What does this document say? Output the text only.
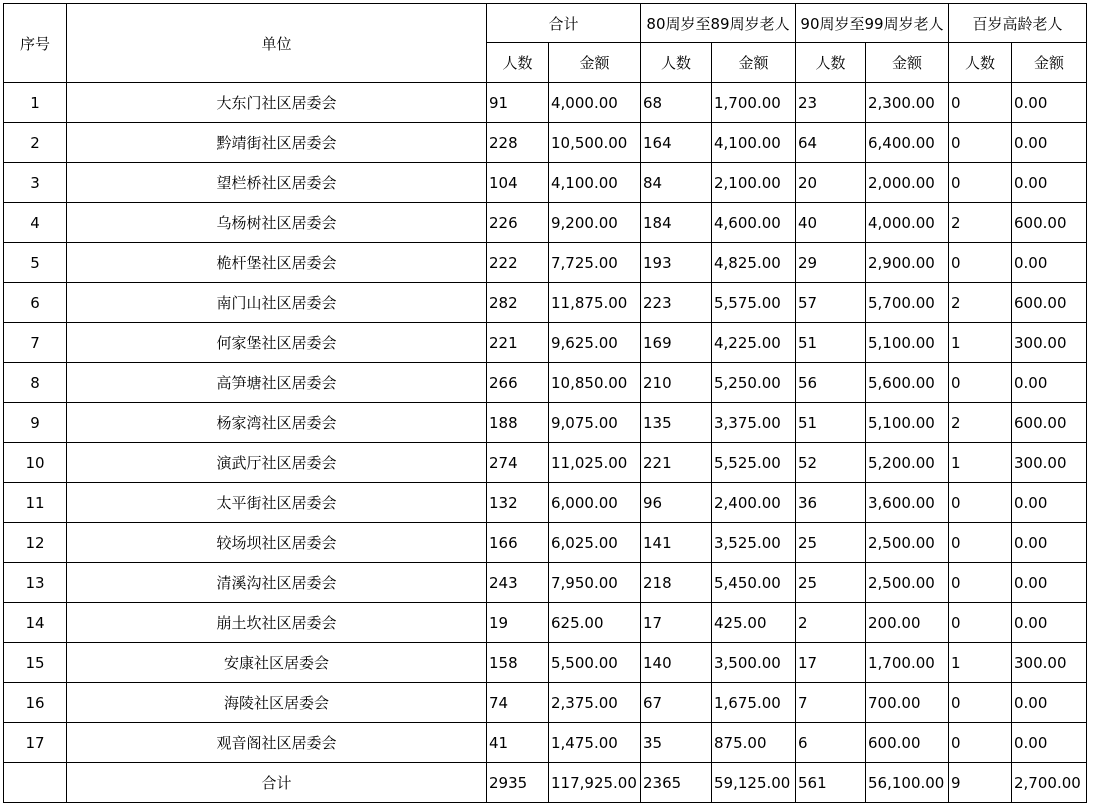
序号	单位	合计		80周岁至89周岁老人		90周岁至99周岁老人		百岁高龄老人	
		人数	金额	人数	金额	人数	金额	人数	金额
1	大东门社区居委会	91	4,000.00	68	1,700.00	23	2,300.00	0	0.00
2	黔靖街社区居委会	228	10,500.00	164	4,100.00	64	6,400.00	0	0.00
3	望栏桥社区居委会	104	4,100.00	84	2,100.00	20	2,000.00	0	0.00
4	乌杨树社区居委会	226	9,200.00	184	4,600.00	40	4,000.00	2	600.00
5	桅杆堡社区居委会	222	7,725.00	193	4,825.00	29	2,900.00	0	0.00
6	南门山社区居委会	282	11,875.00	223	5,575.00	57	5,700.00	2	600.00
7	何家堡社区居委会	221	9,625.00	169	4,225.00	51	5,100.00	1	300.00
8	高笋塘社区居委会	266	10,850.00	210	5,250.00	56	5,600.00	0	0.00
9	杨家湾社区居委会	188	9,075.00	135	3,375.00	51	5,100.00	2	600.00
10	演武厅社区居委会	274	11,025.00	221	5,525.00	52	5,200.00	1	300.00
11	太平街社区居委会	132	6,000.00	96	2,400.00	36	3,600.00	0	0.00
12	较场坝社区居委会	166	6,025.00	141	3,525.00	25	2,500.00	0	0.00
13	清溪沟社区居委会	243	7,950.00	218	5,450.00	25	2,500.00	0	0.00
14	崩土坎社区居委会	19	625.00	17	425.00	2	200.00	0	0.00
15	安康社区居委会	158	5,500.00	140	3,500.00	17	1,700.00	1	300.00
16	海陵社区居委会	74	2,375.00	67	1,675.00	7	700.00	0	0.00
17	观音阁社区居委会	41	1,475.00	35	875.00	6	600.00	0	0.00
	合计	2935	117,925.00	2365	59,125.00	561	56,100.00	9	2,700.00
